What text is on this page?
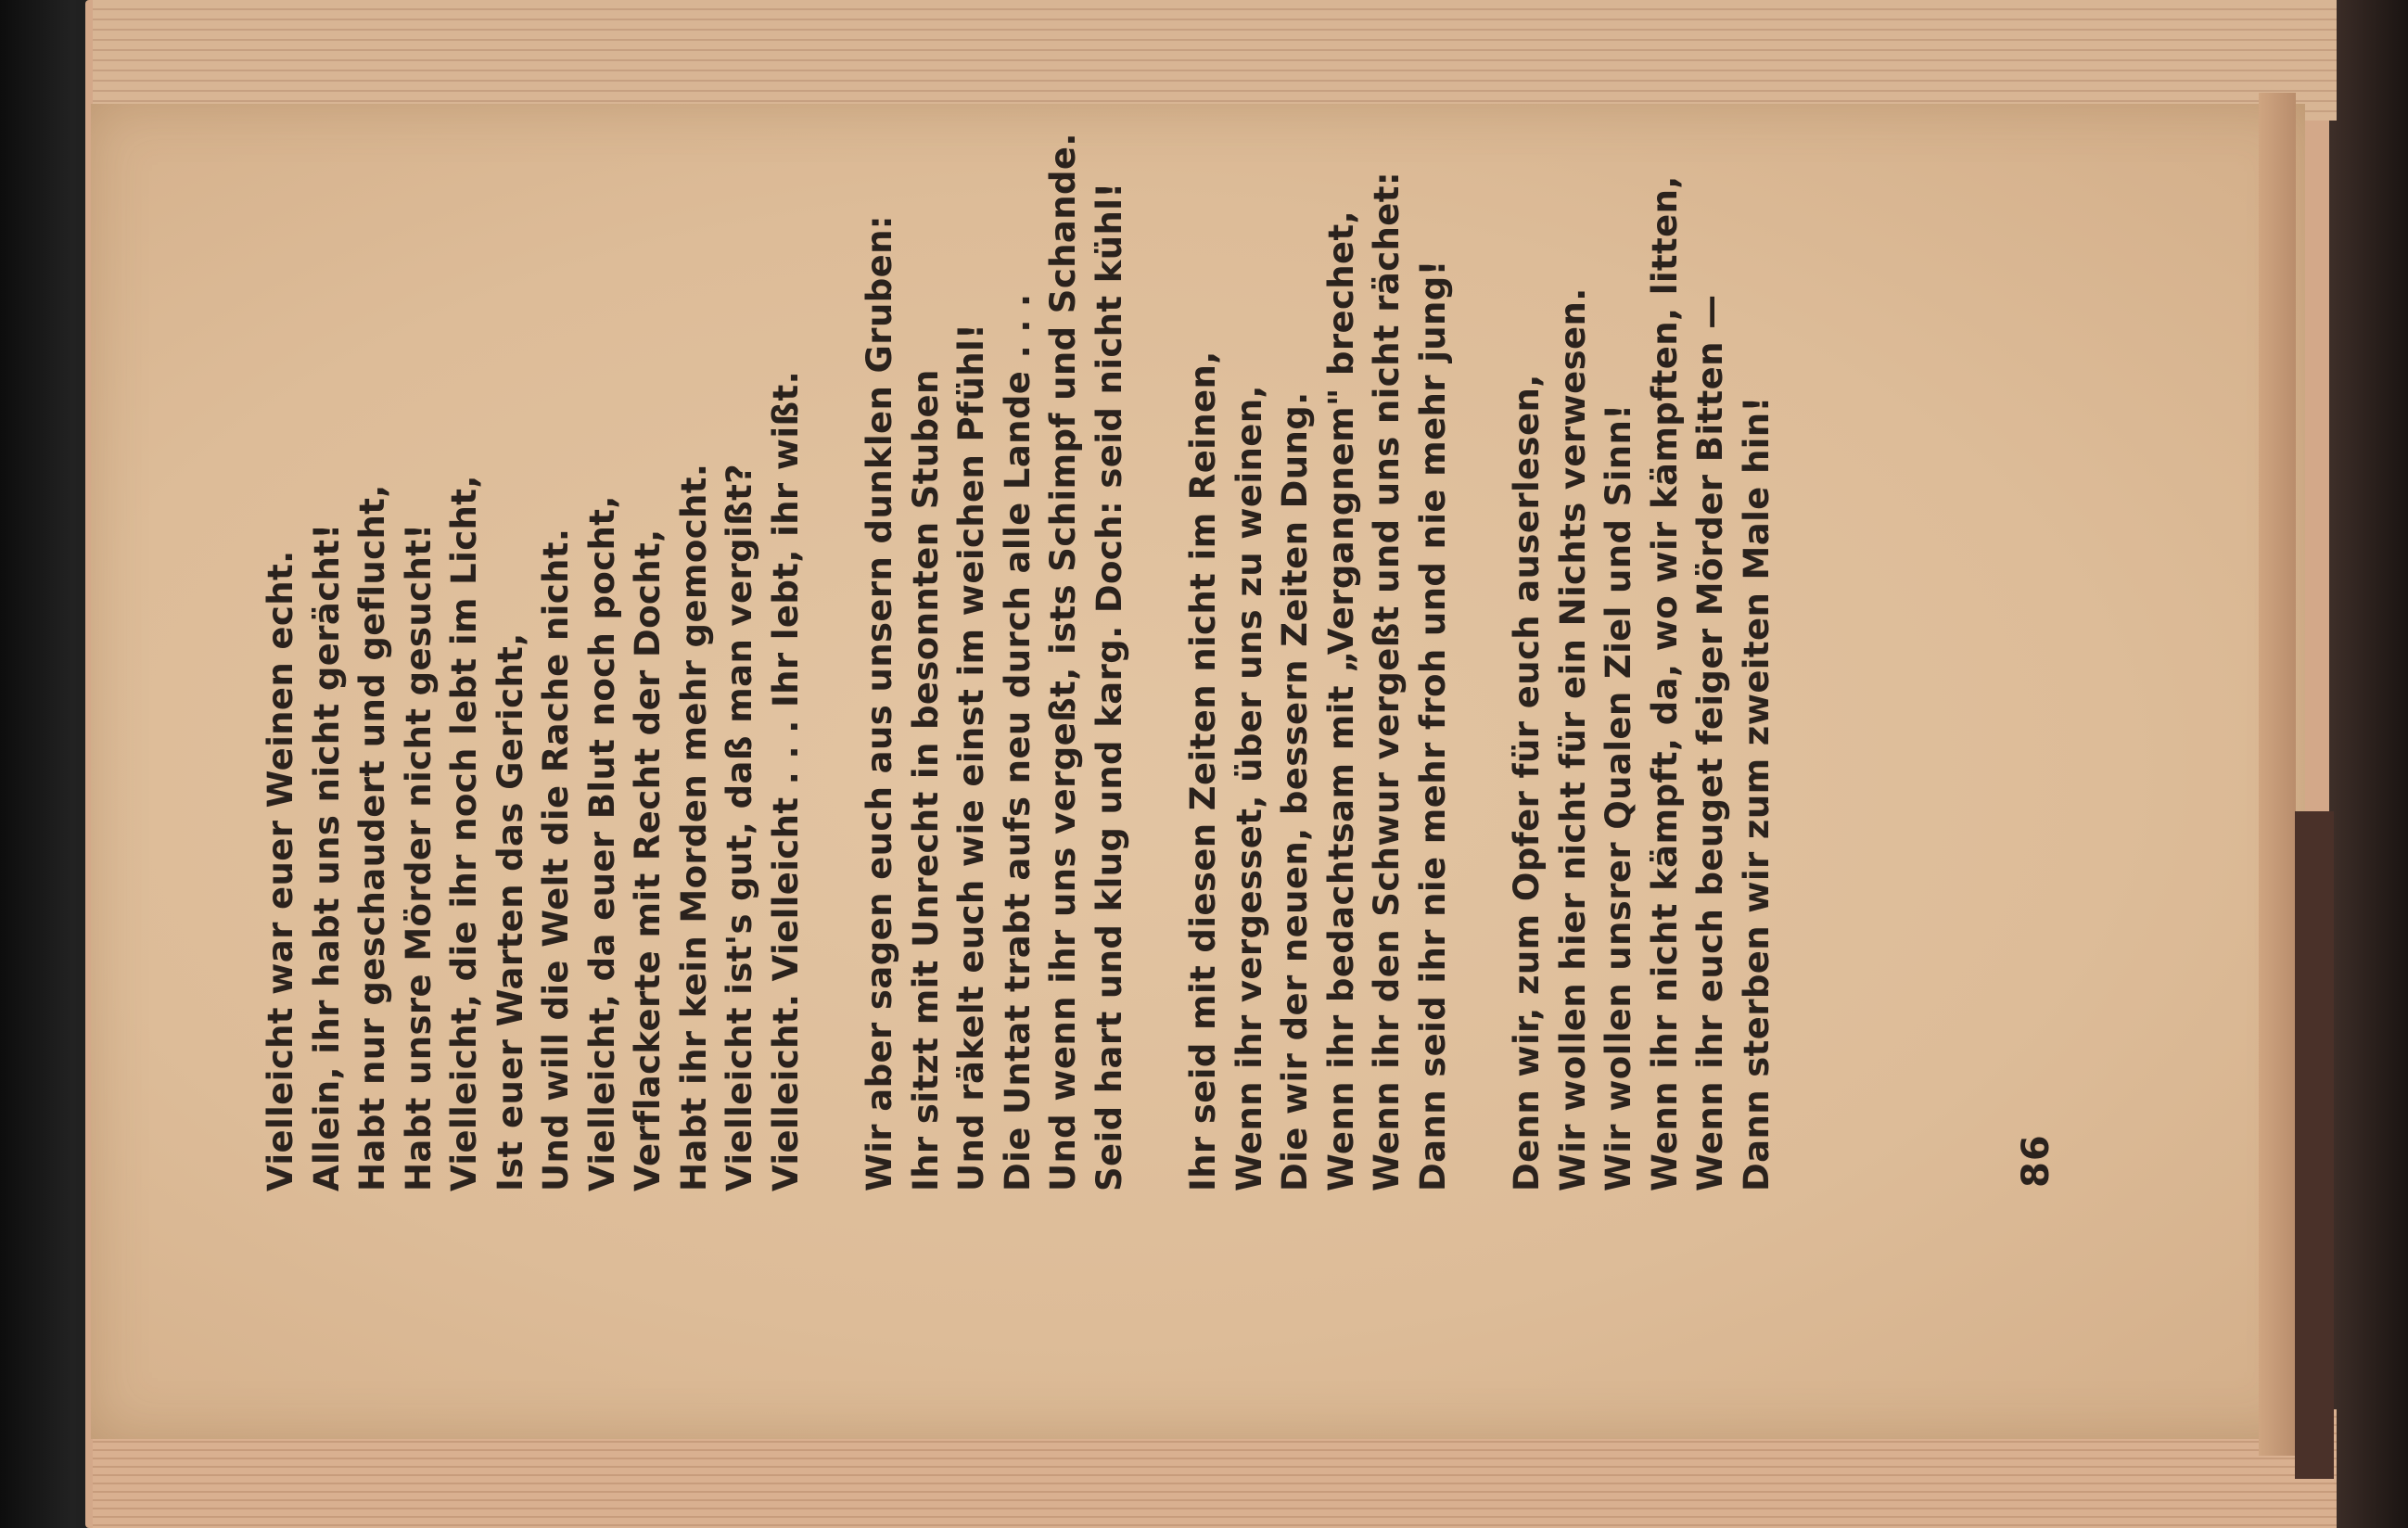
Vielleicht war euer Weinen echt. Allein, ihr habt uns nicht gerächt! Habt nur geschaudert und geflucht, Habt unsre Mörder nicht gesucht! Vielleicht, die ihr noch lebt im Licht, Ist euer Warten das Gericht, Und will die Welt die Rache nicht. Vielleicht, da euer Blut noch pocht, Verflackerte mit Recht der Docht, Habt ihr kein Morden mehr gemocht. Vielleicht ist's gut, daß man vergißt? Vielleicht. Vielleicht . . . Ihr lebt, ihr wißt. Wir aber sagen euch aus unsern dunklen Gruben: Ihr sitzt mit Unrecht in besonnten Stuben Und räkelt euch wie einst im weichen Pfühl! Die Untat trabt aufs neu durch alle Lande . . . Und wenn ihr uns vergeßt, ists Schimpf und Schande. Seid hart und klug und karg. Doch: seid nicht kühl! Ihr seid mit diesen Zeiten nicht im Reinen, Wenn ihr vergesset, über uns zu weinen, Die wir der neuen, bessern Zeiten Dung. Wenn ihr bedachtsam mit „Vergangnem" brechet, Wenn ihr den Schwur vergeßt und uns nicht rächet: Dann seid ihr nie mehr froh und nie mehr jung! Denn wir, zum Opfer für euch auserlesen, Wir wollen hier nicht für ein Nichts verwesen. Wir wollen unsrer Qualen Ziel und Sinn! Wenn ihr nicht kämpft, da, wo wir kämpften, litten, Wenn ihr euch beuget feiger Mörder Bitten — Dann sterben wir zum zweiten Male hin!	86
